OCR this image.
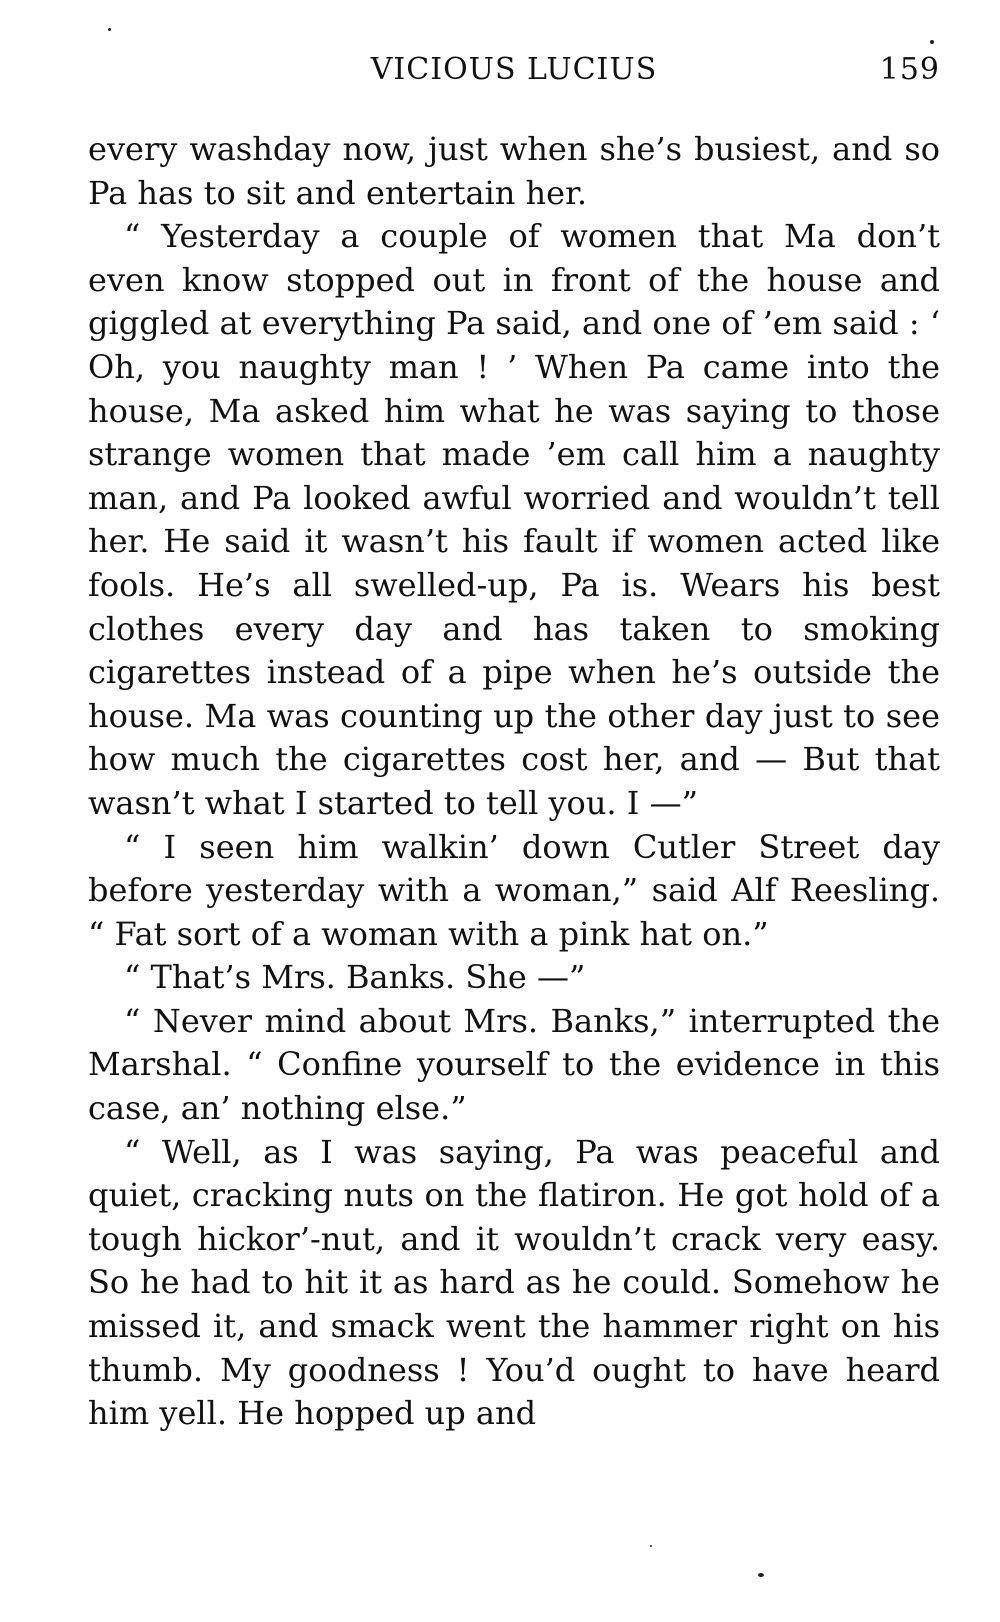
VICIOUS LUCIUS	159

every washday now, just when she’s busiest, and so Pa has to sit and entertain her.

“ Yesterday a couple of women that Ma don’t even know stopped out in front of the house and giggled at everything Pa said, and one of ’em said : ‘ Oh, you naughty man ! ’ When Pa came into the house, Ma asked him what he was saying to those strange women that made ’em call him a naughty man, and Pa looked awful worried and wouldn’t tell her. He said it wasn’t his fault if women acted like fools. He’s all swelled-up, Pa is. Wears his best clothes every day and has taken to smoking cigarettes instead of a pipe when he’s outside the house. Ma was counting up the other day just to see how much the cigarettes cost her, and — But that wasn’t what I started to tell you. I —”

“ I seen him walkin’ down Cutler Street day before yesterday with a woman,” said Alf Reesling. “ Fat sort of a woman with a pink hat on.”

“ That’s Mrs. Banks. She —”

“ Never mind about Mrs. Banks,” interrupted the Marshal. “ Confine yourself to the evidence in this case, an’ nothing else.”

“ Well, as I was saying, Pa was peaceful and quiet, cracking nuts on the flatiron. He got hold of a tough hickor’-nut, and it wouldn’t crack very easy. So he had to hit it as hard as he could. Somehow he missed it, and smack went the hammer right on his thumb. My goodness ! You’d ought to have heard him yell. He hopped up and
